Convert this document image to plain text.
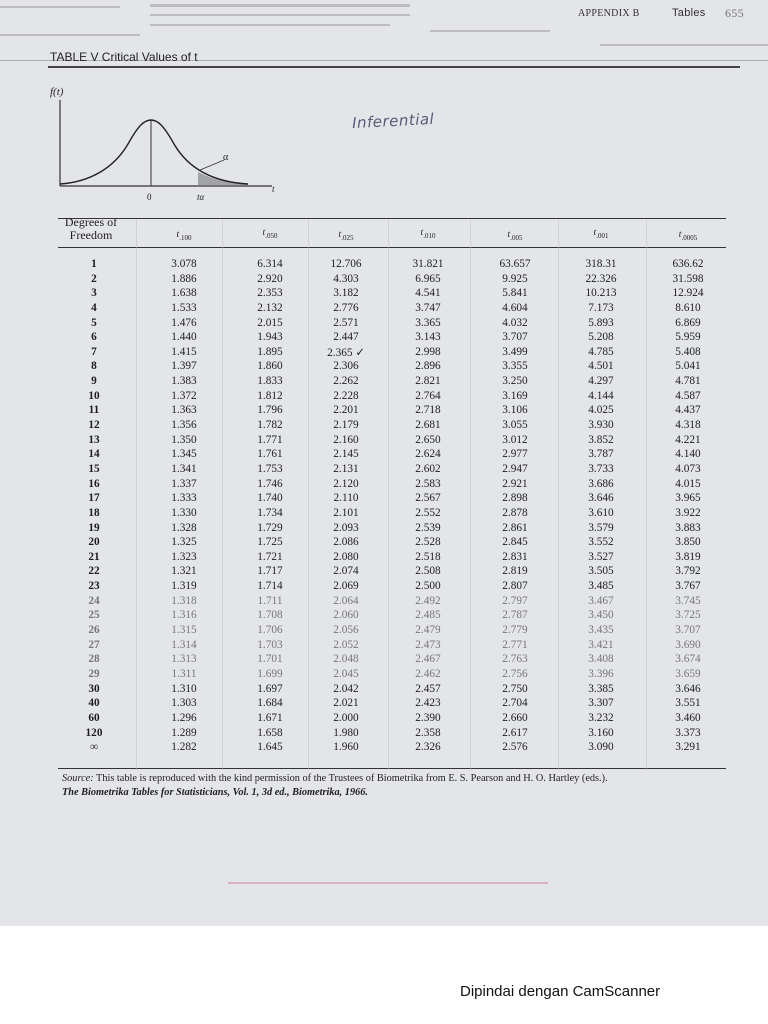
APPENDIX B	Tables 655
TABLE V Critical Values of t
f(t)
α
0	tα
t
Inferential
Degrees of Freedom	$t_{.100}$	$t_{.050}$	$t_{.025}$	$t_{.010}$	$t_{.005}$	$t_{.001}$	$t_{.0005}$
1	3.078	6.314	12.706	31.821	63.657	318.31	636.62
2	1.886	2.920	4.303	6.965	9.925	22.326	31.598
3	1.638	2.353	3.182	4.541	5.841	10.213	12.924
4	1.533	2.132	2.776	3.747	4.604	7.173	8.610
5	1.476	2.015	2.571	3.365	4.032	5.893	6.869
6	1.440	1.943	2.447	3.143	3.707	5.208	5.959
7	1.415	1.895	2.365 ✓	2.998	3.499	4.785	5.408
8	1.397	1.860	2.306	2.896	3.355	4.501	5.041
9	1.383	1.833	2.262	2.821	3.250	4.297	4.781
10	1.372	1.812	2.228	2.764	3.169	4.144	4.587
11	1.363	1.796	2.201	2.718	3.106	4.025	4.437
12	1.356	1.782	2.179	2.681	3.055	3.930	4.318
13	1.350	1.771	2.160	2.650	3.012	3.852	4.221
14	1.345	1.761	2.145	2.624	2.977	3.787	4.140
15	1.341	1.753	2.131	2.602	2.947	3.733	4.073
16	1.337	1.746	2.120	2.583	2.921	3.686	4.015
17	1.333	1.740	2.110	2.567	2.898	3.646	3.965
18	1.330	1.734	2.101	2.552	2.878	3.610	3.922
19	1.328	1.729	2.093	2.539	2.861	3.579	3.883
20	1.325	1.725	2.086	2.528	2.845	3.552	3.850
21	1.323	1.721	2.080	2.518	2.831	3.527	3.819
22	1.321	1.717	2.074	2.508	2.819	3.505	3.792
23	1.319	1.714	2.069	2.500	2.807	3.485	3.767
24	1.318	1.711	2.064	2.492	2.797	3.467	3.745
25	1.316	1.708	2.060	2.485	2.787	3.450	3.725
26	1.315	1.706	2.056	2.479	2.779	3.435	3.707
27	1.314	1.703	2.052	2.473	2.771	3.421	3.690
28	1.313	1.701	2.048	2.467	2.763	3.408	3.674
29	1.311	1.699	2.045	2.462	2.756	3.396	3.659
30	1.310	1.697	2.042	2.457	2.750	3.385	3.646
40	1.303	1.684	2.021	2.423	2.704	3.307	3.551
60	1.296	1.671	2.000	2.390	2.660	3.232	3.460
120	1.289	1.658	1.980	2.358	2.617	3.160	3.373
∞	1.282	1.645	1.960	2.326	2.576	3.090	3.291
Source: This table is reproduced with the kind permission of the Trustees of Biometrika from E. S. Pearson and H. O. Hartley (eds.).
The Biometrika Tables for Statisticians, Vol. 1, 3d ed., Biometrika, 1966.
Dipindai dengan CamScanner
